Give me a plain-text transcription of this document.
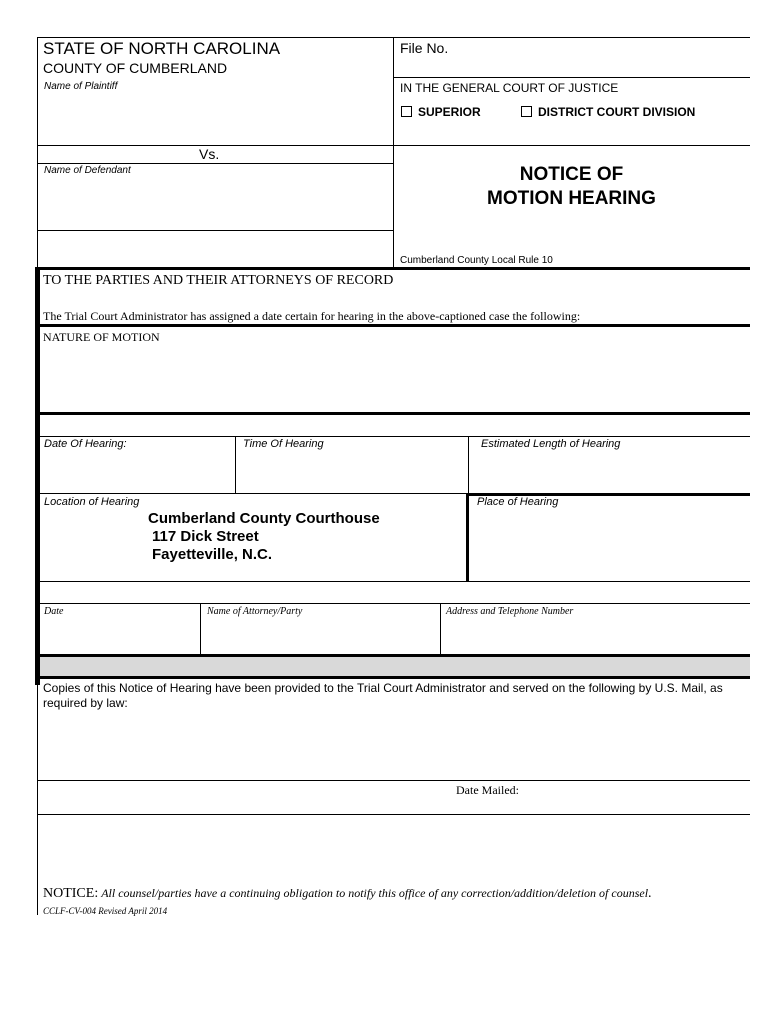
STATE OF NORTH CAROLINA
COUNTY OF CUMBERLAND
Name of Plaintiff
Vs.
Name of Defendant
File No.
IN THE GENERAL COURT OF JUSTICE
SUPERIOR	DISTRICT COURT DIVISION
NOTICE OF
MOTION HEARING
Cumberland County Local Rule 10
TO THE PARTIES AND THEIR ATTORNEYS OF RECORD
The Trial Court Administrator has assigned a date certain for hearing in the above-captioned case the following:
NATURE OF MOTION
Date Of Hearing:	Time Of Hearing	Estimated Length of Hearing
Location of Hearing
Cumberland County Courthouse
117 Dick Street
Fayetteville, N.C.
Place of Hearing
Date	Name of Attorney/Party	Address and Telephone Number
Copies of this Notice of Hearing have been provided to the Trial Court Administrator and served on the following by U.S. Mail, as required by law:
Date Mailed:
NOTICE: All counsel/parties have a continuing obligation to notify this office of any correction/addition/deletion of counsel.
CCLF-CV-004 Revised April 2014
